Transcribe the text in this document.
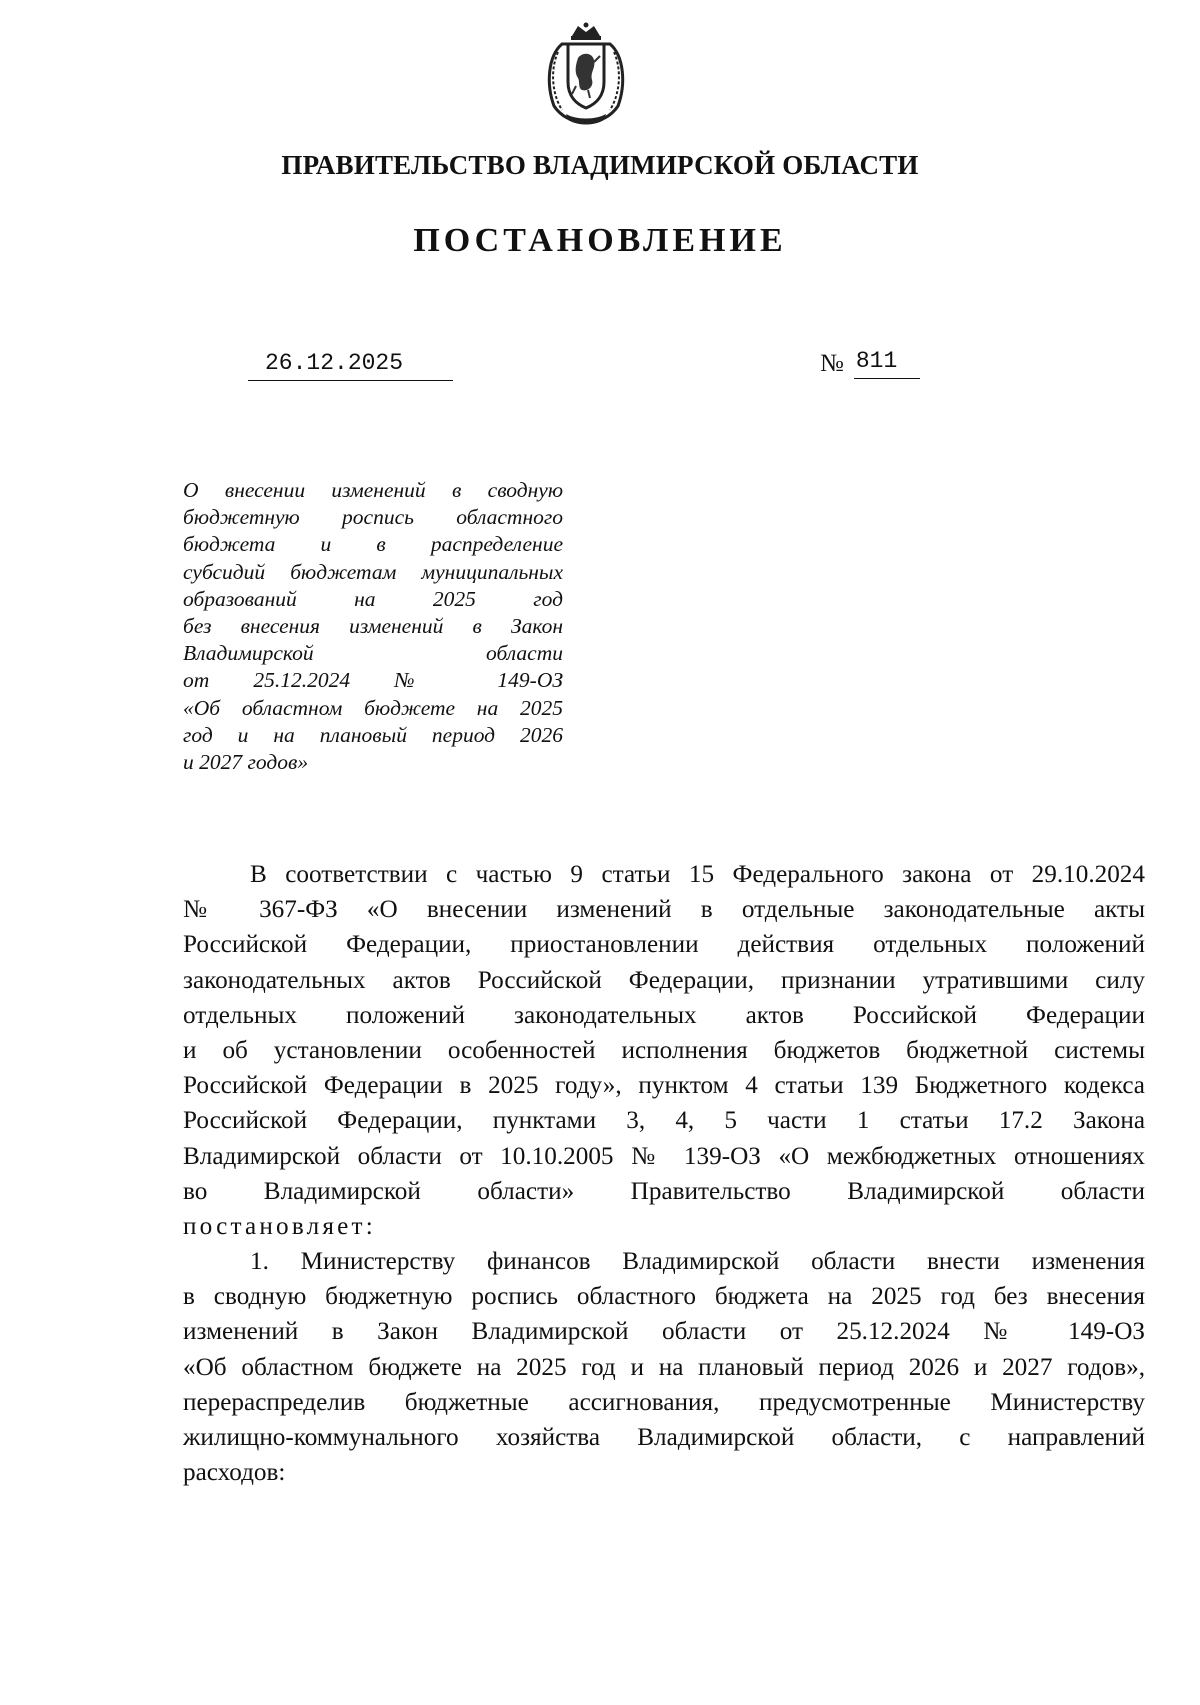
ПРАВИТЕЛЬСТВО ВЛАДИМИРСКОЙ ОБЛАСТИ
ПОСТАНОВЛЕНИЕ
26.12.2025	№ 811
О внесении изменений в сводную
бюджетную роспись областного
бюджета и в распределение
субсидий бюджетам муниципальных
образований на 2025 год
без внесения изменений в Закон
Владимирской области
от 25.12.2024 № 149-ОЗ
«Об областном бюджете на 2025
год и на плановый период 2026
и 2027 годов»
В соответствии с частью 9 статьи 15 Федерального закона от 29.10.2024
№ 367-ФЗ «О внесении изменений в отдельные законодательные акты
Российской Федерации, приостановлении действия отдельных положений
законодательных актов Российской Федерации, признании утратившими силу
отдельных положений законодательных актов Российской Федерации
и об установлении особенностей исполнения бюджетов бюджетной системы
Российской Федерации в 2025 году», пунктом 4 статьи 139 Бюджетного кодекса
Российской Федерации, пунктами 3, 4, 5 части 1 статьи 17.2 Закона
Владимирской области от 10.10.2005 № 139-ОЗ «О межбюджетных отношениях
во Владимирской области» Правительство Владимирской области
постановляет:
1. Министерству финансов Владимирской области внести изменения
в сводную бюджетную роспись областного бюджета на 2025 год без внесения
изменений в Закон Владимирской области от 25.12.2024 № 149-ОЗ
«Об областном бюджете на 2025 год и на плановый период 2026 и 2027 годов»,
перераспределив бюджетные ассигнования, предусмотренные Министерству
жилищно-коммунального хозяйства Владимирской области, с направлений
расходов:
